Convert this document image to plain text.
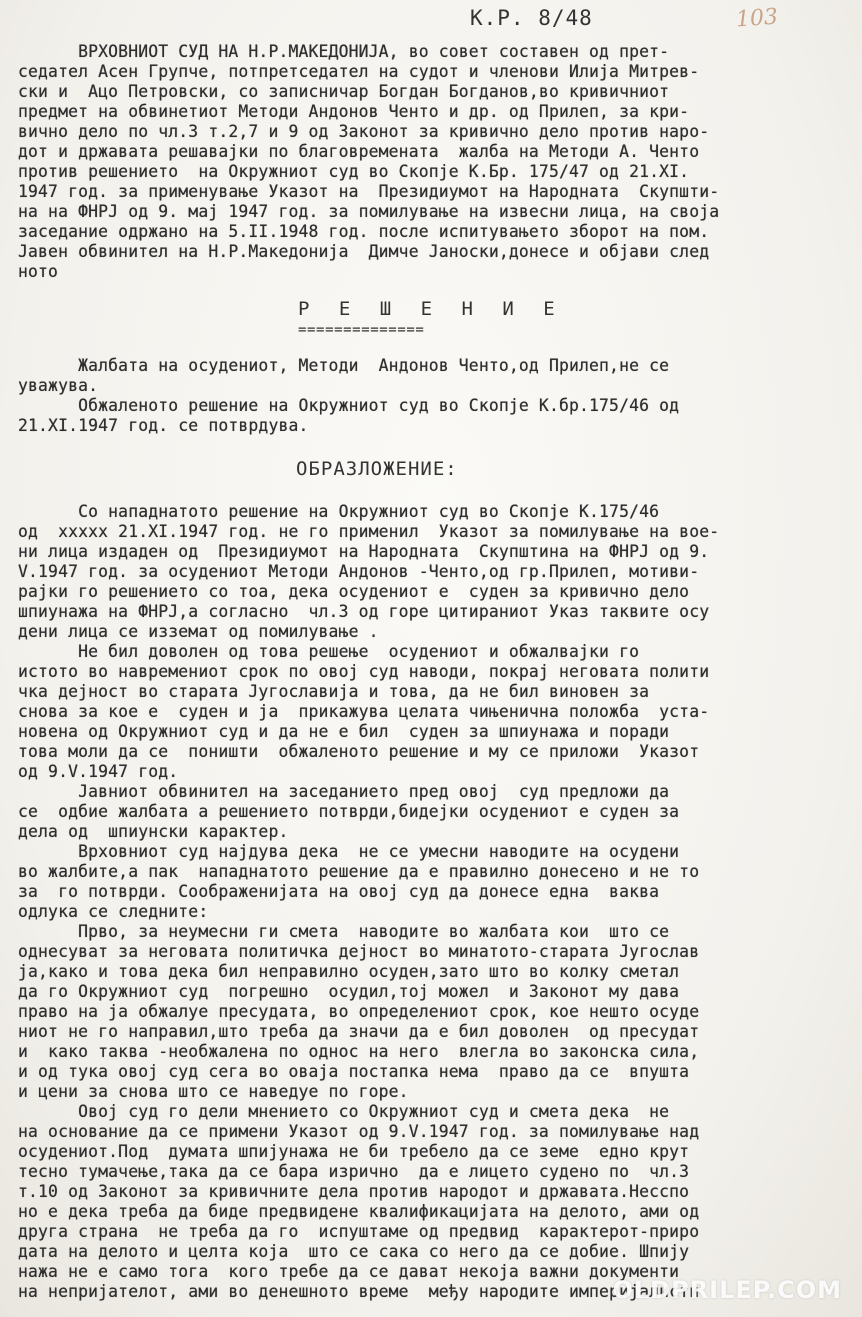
К.Р. 8/48	103
ВРХОВНИОТ СУД НА Н.Р.МАКЕДОНИЈА, во совет составен од прет-
седател Асен Групче, потпретседател на судот и членови Илија Митрев-
ски и  Ацо Петровски, со записничар Богдан Богданов,во кривичниот
предмет на обвинетиот Методи Андонов Ченто и др. од Прилеп, за кри-
вично дело по чл.3 т.2,7 и 9 од Законот за кривично дело против наро-
дот и државата решавајки по благовремената  жалба на Методи А. Ченто
против решението  на Окружниот суд во Скопје К.Бр. 175/47 од 21.XI.
1947 год. за применување Указот на  Президиумот на Народната  Скупшти-
на на ФНРЈ од 9. мај 1947 год. за помилување на извесни лица, на своја
заседание одржано на 5.II.1948 год. после испитувањето зборот на пом.
Јавен обвинител на Н.Р.Македонија  Димче Јаноски,донесе и објави след
ното
Р Е Ш Е Н И Е
==============
Жалбата на осудениот, Методи  Андонов Ченто,од Прилеп,не се
уважува.
Обжаленото решение на Окружниот суд во Скопје К.бр.175/46 од
21.XI.1947 год. се потврдува.
ОБРАЗЛОЖЕНИЕ:
Со нападнатото решение на Окружниот суд во Скопје К.175/46
од  ххххх 21.XI.1947 год. не го применил  Указот за помилување на вое-
ни лица издаден од  Президиумот на Народната  Скупштина на ФНРЈ од 9.
V.1947 год. за осудениот Методи Андонов -Ченто,од гр.Прилеп, мотиви-
рајки го решението со тоа, дека осудениот е  суден за кривично дело
шпиунажа на ФНРЈ,а согласно  чл.3 од горе цитираниот Указ таквите осу
дени лица се изземат од помилување .
Не бил доволен од това решење  осудениот и обжалвајки го
истото во навремениот срок по овој суд наводи, покрај неговата полити
чка дејност во старата Југославија и това, да не бил виновен за
снова за кое е  суден и ја  прикажува целата чињенична положба  уста-
новена од Окружниот суд и да не е бил  суден за шпиунажа и поради
това моли да се  поништи  обжаленото решение и му се приложи  Указот
од 9.V.1947 год.
Јавниот обвинител на заседанието пред овој  суд предложи да
се  одбие жалбата а решението потврди,бидејки осудениот е суден за
дела од  шпиунски карактер.
Врховниот суд најдува дека  не се умесни наводите на осудени
во жалбите,а пак  нападнатото решение да е правилно донесено и не то
за  го потврди. Соображенијата на овој суд да донесе една  ваква
одлука се следните:
Прво, за неумесни ги смета  наводите во жалбата кои  што се
однесуват за неговата политичка дејност во минатото-старата Југослав
ја,како и това дека бил неправилно осуден,зато што во колку сметал
да го Окружниот суд  погрешно  осудил,тој можел  и Законот му дава
право на ја обжалуе пресудата, во определениот срок, кое нешто осуде
ниот не го направил,што треба да значи да е бил доволен  од пресудат
и  како таква -необжалена по однос на него  влегла во законска сила,
и од тука овој суд сега во оваја постапка нема  право да се  впушта
и цени за снова што се наведуе по горе.
Овој суд го дели мнението со Окружниот суд и смета дека  не
на основание да се примени Указот од 9.V.1947 год. за помилување над
осудениот.Под  думата шпијунажа не би требело да се земе  едно крут
тесно тумачење,така да се бара изрично  да е лицето судено по  чл.3
т.10 од Законот за кривичните дела против народот и државата.Несспо
но е дека треба да биде предвидене квалификацијата на делото, ами од
друга страна  не треба да го  испуштаме од предвид  карактерот-приро
дата на делото и целта која  што се сака со него да се добие. Шпију
нажа не е само тога  кого требе да се дават некоја важни документи
на непријателот, ами во денешното време  међу народите империјалисти
OLDPRILEP.COM
